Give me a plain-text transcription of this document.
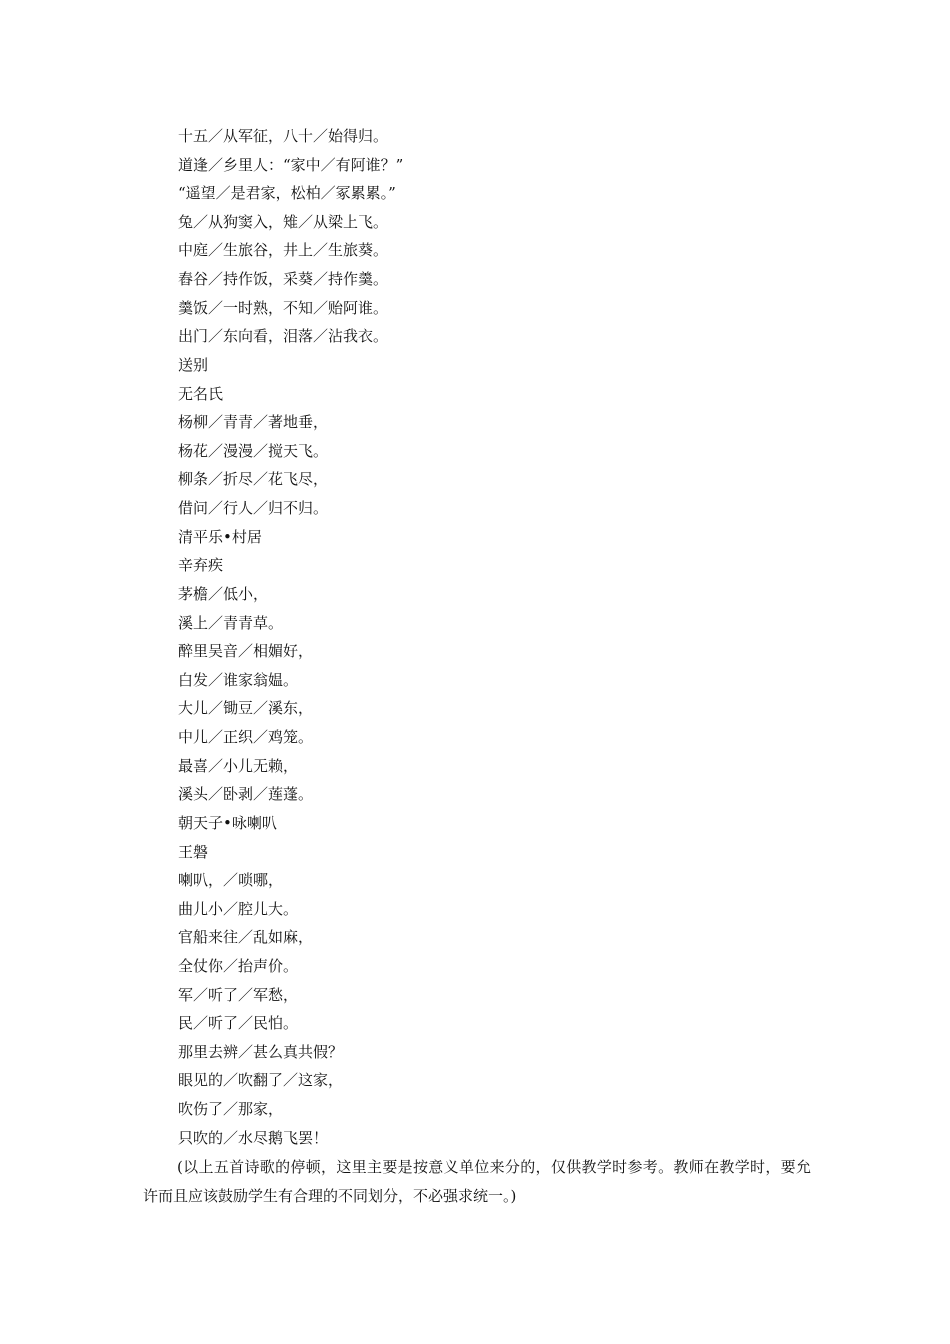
十五／从军征，八十／始得归。
道逢／乡里人：“家中／有阿谁？”
“遥望／是君家，松柏／冢累累。”
兔／从狗窦入，雉／从梁上飞。
中庭／生旅谷，井上／生旅葵。
舂谷／持作饭，采葵／持作羹。
羹饭／一时熟，不知／贻阿谁。
出门／东向看，泪落／沾我衣。
送别
无名氏
杨柳／青青／著地垂，
杨花／漫漫／搅天飞。
柳条／折尽／花飞尽，
借问／行人／归不归。
清平乐•村居
辛弃疾
茅檐／低小，
溪上／青青草。
醉里吴音／相媚好，
白发／谁家翁媪。
大儿／锄豆／溪东，
中儿／正织／鸡笼。
最喜／小儿无赖，
溪头／卧剥／莲蓬。
朝天子•咏喇叭
王磐
喇叭，／唢哪，
曲儿小／腔儿大。
官船来往／乱如麻，
全仗你／抬声价。
军／听了／军愁，
民／听了／民怕。
那里去辨／甚么真共假？
眼见的／吹翻了／这家，
吹伤了／那家，
只吹的／水尽鹅飞罢！
(以上五首诗歌的停顿，这里主要是按意义单位来分的，仅供教学时参考。教师在教学时，要允许而且应该鼓励学生有合理的不同划分，不必强求统一。)
